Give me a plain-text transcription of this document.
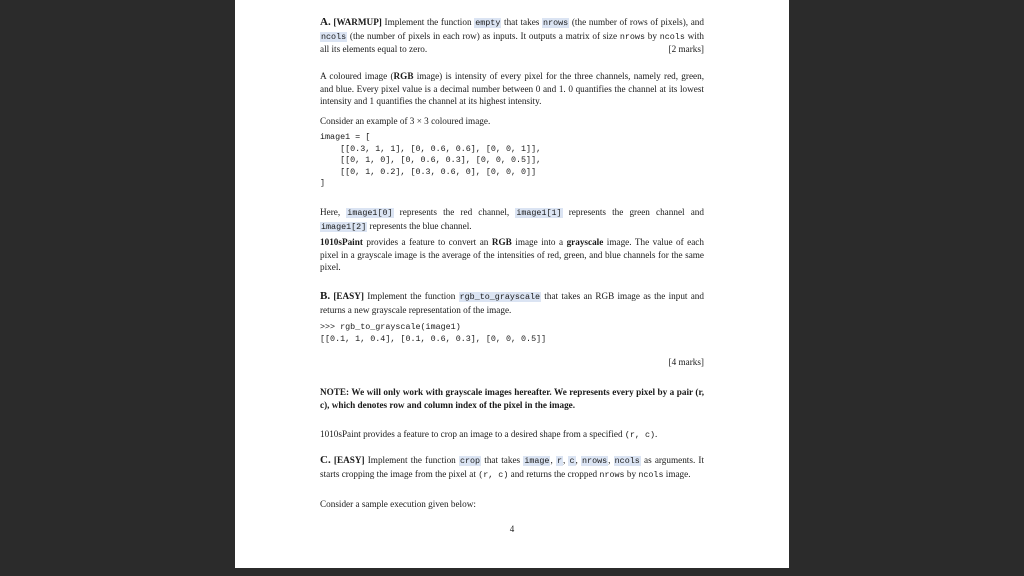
A. [WARMUP] Implement the function empty that takes nrows (the number of rows of pixels), and ncols (the number of pixels in each row) as inputs. It outputs a matrix of size nrows by ncols with all its elements equal to zero.	[2 marks]

A coloured image (RGB image) is intensity of every pixel for the three channels, namely red, green, and blue. Every pixel value is a decimal number between 0 and 1. 0 quantifies the channel at its lowest intensity and 1 quantifies the channel at its highest intensity.

Consider an example of 3 × 3 coloured image.

image1 = [
[[0.3, 1, 1], [0, 0.6, 0.6], [0, 0, 1]],
[[0, 1, 0], [0, 0.6, 0.3], [0, 0, 0.5]],
[[0, 1, 0.2], [0.3, 0.6, 0], [0, 0, 0]]
]

Here, image1[0] represents the red channel, image1[1] represents the green channel and image1[2] represents the blue channel.

1010sPaint provides a feature to convert an RGB image into a grayscale image. The value of each pixel in a grayscale image is the average of the intensities of red, green, and blue channels for the same pixel.

B. [EASY] Implement the function rgb_to_grayscale that takes an RGB image as the input and returns a new grayscale representation of the image.

>>> rgb_to_grayscale(image1)
[[0.1, 1, 0.4], [0.1, 0.6, 0.3], [0, 0, 0.5]]

[4 marks]

NOTE: We will only work with grayscale images hereafter. We represents every pixel by a pair (r, c), which denotes row and column index of the pixel in the image.

1010sPaint provides a feature to crop an image to a desired shape from a specified (r, c).

C. [EASY] Implement the function crop that takes image, r, c, nrows, ncols as arguments. It starts cropping the image from the pixel at (r, c) and returns the cropped nrows by ncols image.

Consider a sample execution given below:

4
